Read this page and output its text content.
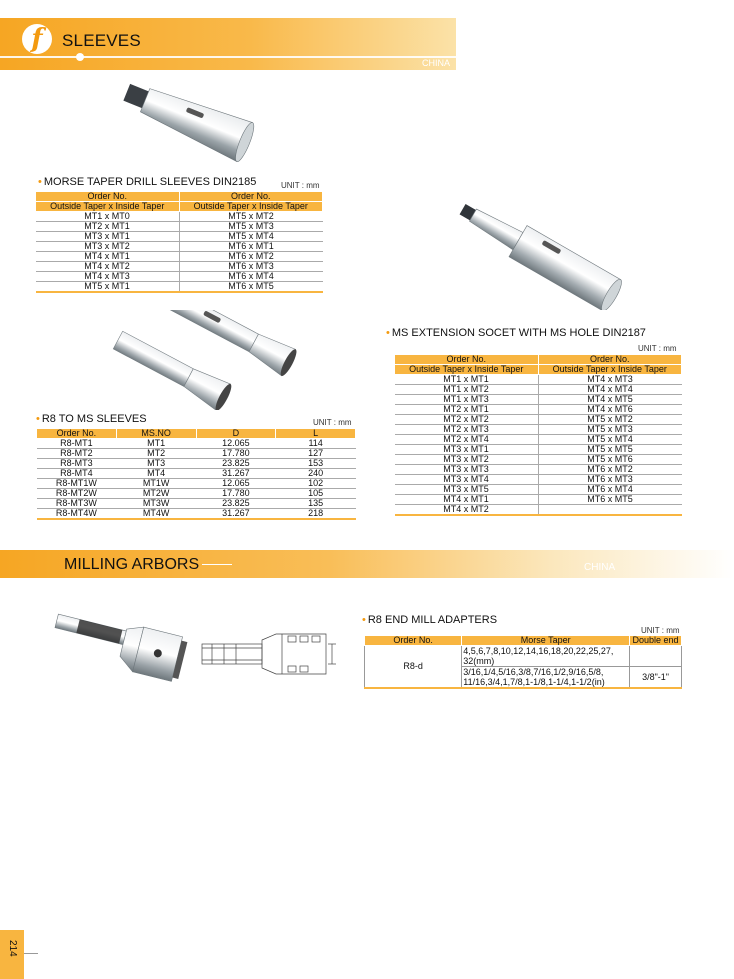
f	SLEEVES
CHINA
• MORSE TAPER DRILL SLEEVES DIN2185	UNIT : mm
Order No.	Order No.
Outside Taper x Inside Taper	Outside Taper x Inside Taper
MT1 x MT0	MT5 x MT2
MT2 x MT1	MT5 x MT3
MT3 x MT1	MT5 x MT4
MT3 x MT2	MT6 x MT1
MT4 x MT1	MT6 x MT2
MT4 x MT2	MT6 x MT3
MT4 x MT3	MT6 x MT4
MT5 x MT1	MT6 x MT5
• MS EXTENSION SOCET WITH MS HOLE DIN2187
UNIT : mm
Order No.	Order No.
Outside Taper x Inside Taper	Outside Taper x Inside Taper
MT1 x MT1	MT4 x MT3
MT1 x MT2	MT4 x MT4
MT1 x MT3	MT4 x MT5
MT2 x MT1	MT4 x MT6
MT2 x MT2	MT5 x MT2
MT2 x MT3	MT5 x MT3
MT2 x MT4	MT5 x MT4
MT3 x MT1	MT5 x MT5
MT3 x MT2	MT5 x MT6
MT3 x MT3	MT6 x MT2
MT3 x MT4	MT6 x MT3
MT3 x MT5	MT6 x MT4
MT4 x MT1	MT6 x MT5
MT4 x MT2	
• R8 TO MS SLEEVES	UNIT : mm
Order No.	MS.NO	D	L
R8-MT1	MT1	12.065	114
R8-MT2	MT2	17.780	127
R8-MT3	MT3	23.825	153
R8-MT4	MT4	31.267	240
R8-MT1W	MT1W	12.065	102
R8-MT2W	MT2W	17.780	105
R8-MT3W	MT3W	23.825	135
R8-MT4W	MT4W	31.267	218
MILLING ARBORS	CHINA
• R8 END MILL ADAPTERS
UNIT : mm
Order No.	Morse Taper	Double end
R8-d	4,5,6,7,8,10,12,14,16,18,20,22,25,27,
32(mm)	

	3/16,1/4,5/16,3/8,7/16,1/2,9/16,5/8,
11/16,3/4,1,7/8,1-1/8,1-1/4,1-1/2(in)	3/8"-1"
214
